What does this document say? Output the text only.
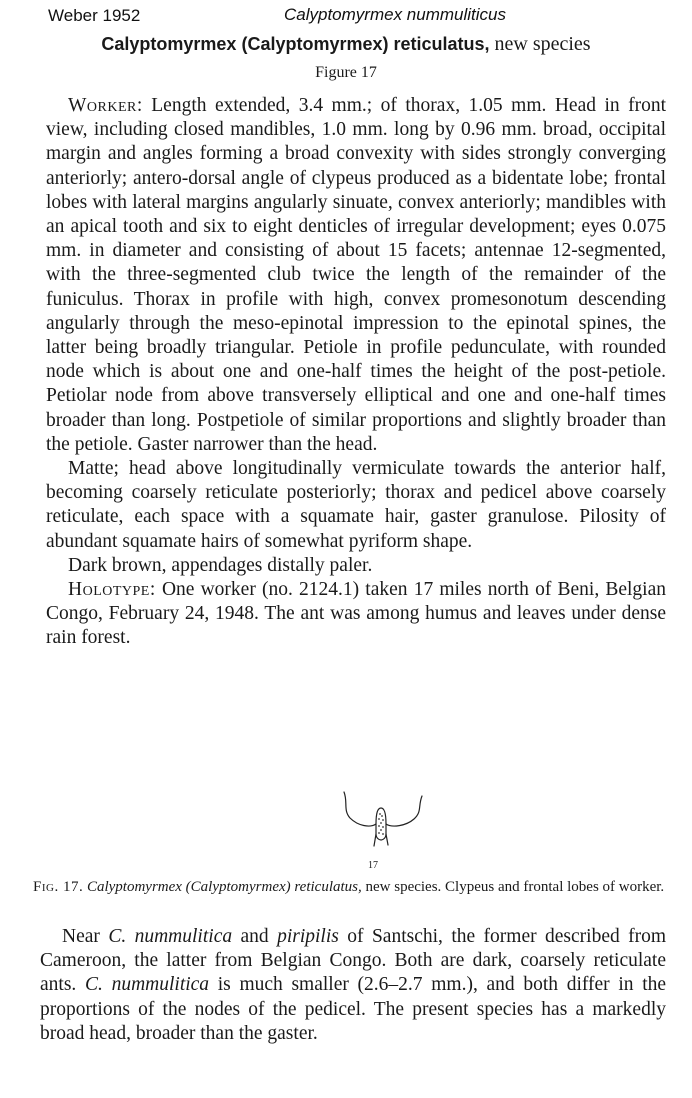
Weber 1952	Calyptomyrmex nummuliticus
Calyptomyrmex (Calyptomyrmex) reticulatus, new species
Figure 17

Worker: Length extended, 3.4 mm.; of thorax, 1.05 mm. Head in front view, including closed mandibles, 1.0 mm. long by 0.96 mm. broad, occipital margin and angles forming a broad convexity with sides strongly converging anteriorly; antero-dorsal angle of clypeus produced as a bidentate lobe; frontal lobes with lateral margins angularly sinuate, convex anteriorly; mandibles with an apical tooth and six to eight denticles of irregular development; eyes 0.075 mm. in diameter and consisting of about 15 facets; antennae 12-segmented, with the three-segmented club twice the length of the remainder of the funiculus. Thorax in profile with high, convex promesonotum descending angularly through the meso-epinotal impression to the epinotal spines, the latter being broadly triangular. Petiole in profile pedunculate, with rounded node which is about one and one-half times the height of the post-petiole. Petiolar node from above transversely elliptical and one and one-half times broader than long. Postpetiole of similar proportions and slightly broader than the petiole. Gaster narrower than the head.

Matte; head above longitudinally vermiculate towards the anterior half, becoming coarsely reticulate posteriorly; thorax and pedicel above coarsely reticulate, each space with a squamate hair, gaster granulose. Pilosity of abundant squamate hairs of somewhat pyriform shape.

Dark brown, appendages distally paler.

Holotype: One worker (no. 2124.1) taken 17 miles north of Beni, Belgian Congo, February 24, 1948. The ant was among humus and leaves under dense rain forest.

17
Fig. 17. Calyptomyrmex (Calyptomyrmex) reticulatus, new species. Clypeus and frontal lobes of worker.

Near C. nummulitica and piripilis of Santschi, the former described from Cameroon, the latter from Belgian Congo. Both are dark, coarsely reticulate ants. C. nummulitica is much smaller (2.6–2.7 mm.), and both differ in the proportions of the nodes of the pedicel. The present species has a markedly broad head, broader than the gaster.
